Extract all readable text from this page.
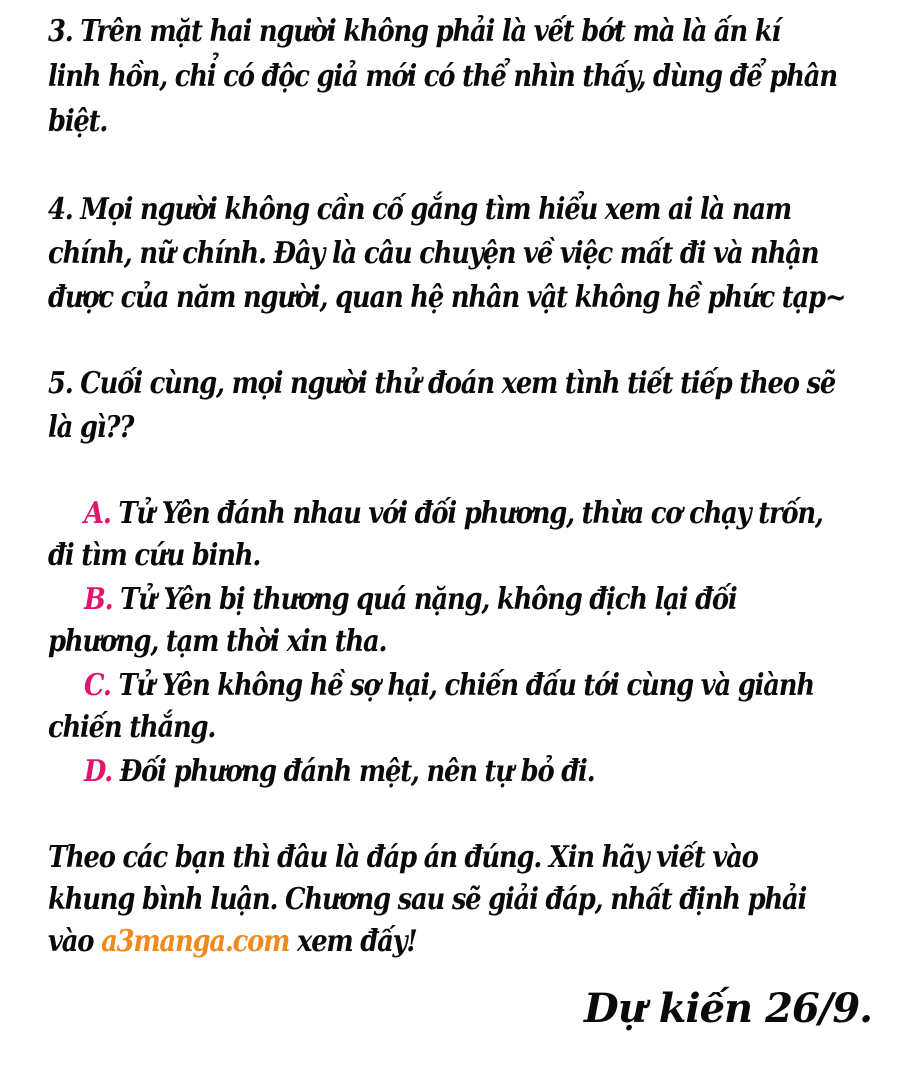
3. Trên mặt hai người không phải là vết bớt mà là ấn kí
linh hồn, chỉ có độc giả mới có thể nhìn thấy, dùng để phân
biệt.
4. Mọi người không cần cố gắng tìm hiểu xem ai là nam
chính, nữ chính. Đây là câu chuyện về việc mất đi và nhận
được của năm người, quan hệ nhân vật không hề phức tạp~
5. Cuối cùng, mọi người thử đoán xem tình tiết tiếp theo sẽ
là gì??
A. Tử Yên đánh nhau với đối phương, thừa cơ chạy trốn,
đi tìm cứu binh.
B. Tử Yên bị thương quá nặng, không địch lại đối
phương, tạm thời xin tha.
C. Tử Yên không hề sợ hại, chiến đấu tới cùng và giành
chiến thắng.
D. Đối phương đánh mệt, nên tự bỏ đi.
Theo các bạn thì đâu là đáp án đúng. Xin hãy viết vào
khung bình luận. Chương sau sẽ giải đáp, nhất định phải
vào a3manga.com xem đấy!
Dự kiến 26/9.
